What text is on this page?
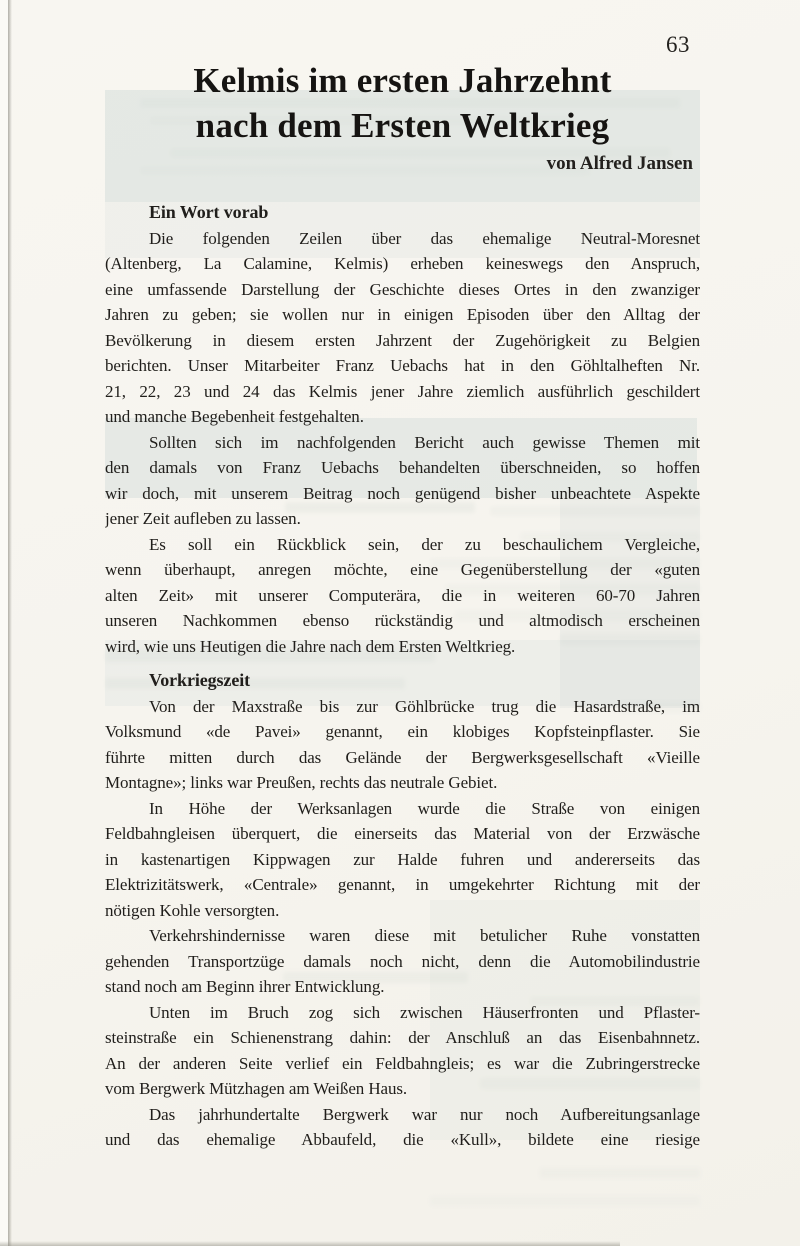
63
Kelmis im ersten Jahrzehnt
nach dem Ersten Weltkrieg
von Alfred Jansen
Ein Wort vorab
Die folgenden Zeilen über das ehemalige Neutral-Moresnet
(Altenberg, La Calamine, Kelmis) erheben keineswegs den Anspruch,
eine umfassende Darstellung der Geschichte dieses Ortes in den zwanziger
Jahren zu geben; sie wollen nur in einigen Episoden über den Alltag der
Bevölkerung in diesem ersten Jahrzent der Zugehörigkeit zu Belgien
berichten. Unser Mitarbeiter Franz Uebachs hat in den Göhltalheften Nr.
21, 22, 23 und 24 das Kelmis jener Jahre ziemlich ausführlich geschildert
und manche Begebenheit festgehalten.
Sollten sich im nachfolgenden Bericht auch gewisse Themen mit
den damals von Franz Uebachs behandelten überschneiden, so hoffen
wir doch, mit unserem Beitrag noch genügend bisher unbeachtete Aspekte
jener Zeit aufleben zu lassen.
Es soll ein Rückblick sein, der zu beschaulichem Vergleiche,
wenn überhaupt, anregen möchte, eine Gegenüberstellung der «guten
alten Zeit» mit unserer Computerära, die in weiteren 60-70 Jahren
unseren Nachkommen ebenso rückständig und altmodisch erscheinen
wird, wie uns Heutigen die Jahre nach dem Ersten Weltkrieg.
Vorkriegszeit
Von der Maxstraße bis zur Göhlbrücke trug die Hasardstraße, im
Volksmund «de Pavei» genannt, ein klobiges Kopfsteinpflaster. Sie
führte mitten durch das Gelände der Bergwerksgesellschaft «Vieille
Montagne»; links war Preußen, rechts das neutrale Gebiet.
In Höhe der Werksanlagen wurde die Straße von einigen
Feldbahngleisen überquert, die einerseits das Material von der Erzwäsche
in kastenartigen Kippwagen zur Halde fuhren und andererseits das
Elektrizitätswerk, «Centrale» genannt, in umgekehrter Richtung mit der
nötigen Kohle versorgten.
Verkehrshindernisse waren diese mit betulicher Ruhe vonstatten
gehenden Transportzüge damals noch nicht, denn die Automobilindustrie
stand noch am Beginn ihrer Entwicklung.
Unten im Bruch zog sich zwischen Häuserfronten und Pflaster-
steinstraße ein Schienenstrang dahin: der Anschluß an das Eisenbahnnetz.
An der anderen Seite verlief ein Feldbahngleis; es war die Zubringerstrecke
vom Bergwerk Mützhagen am Weißen Haus.
Das jahrhundertalte Bergwerk war nur noch Aufbereitungsanlage
und das ehemalige Abbaufeld, die «Kull», bildete eine riesige
